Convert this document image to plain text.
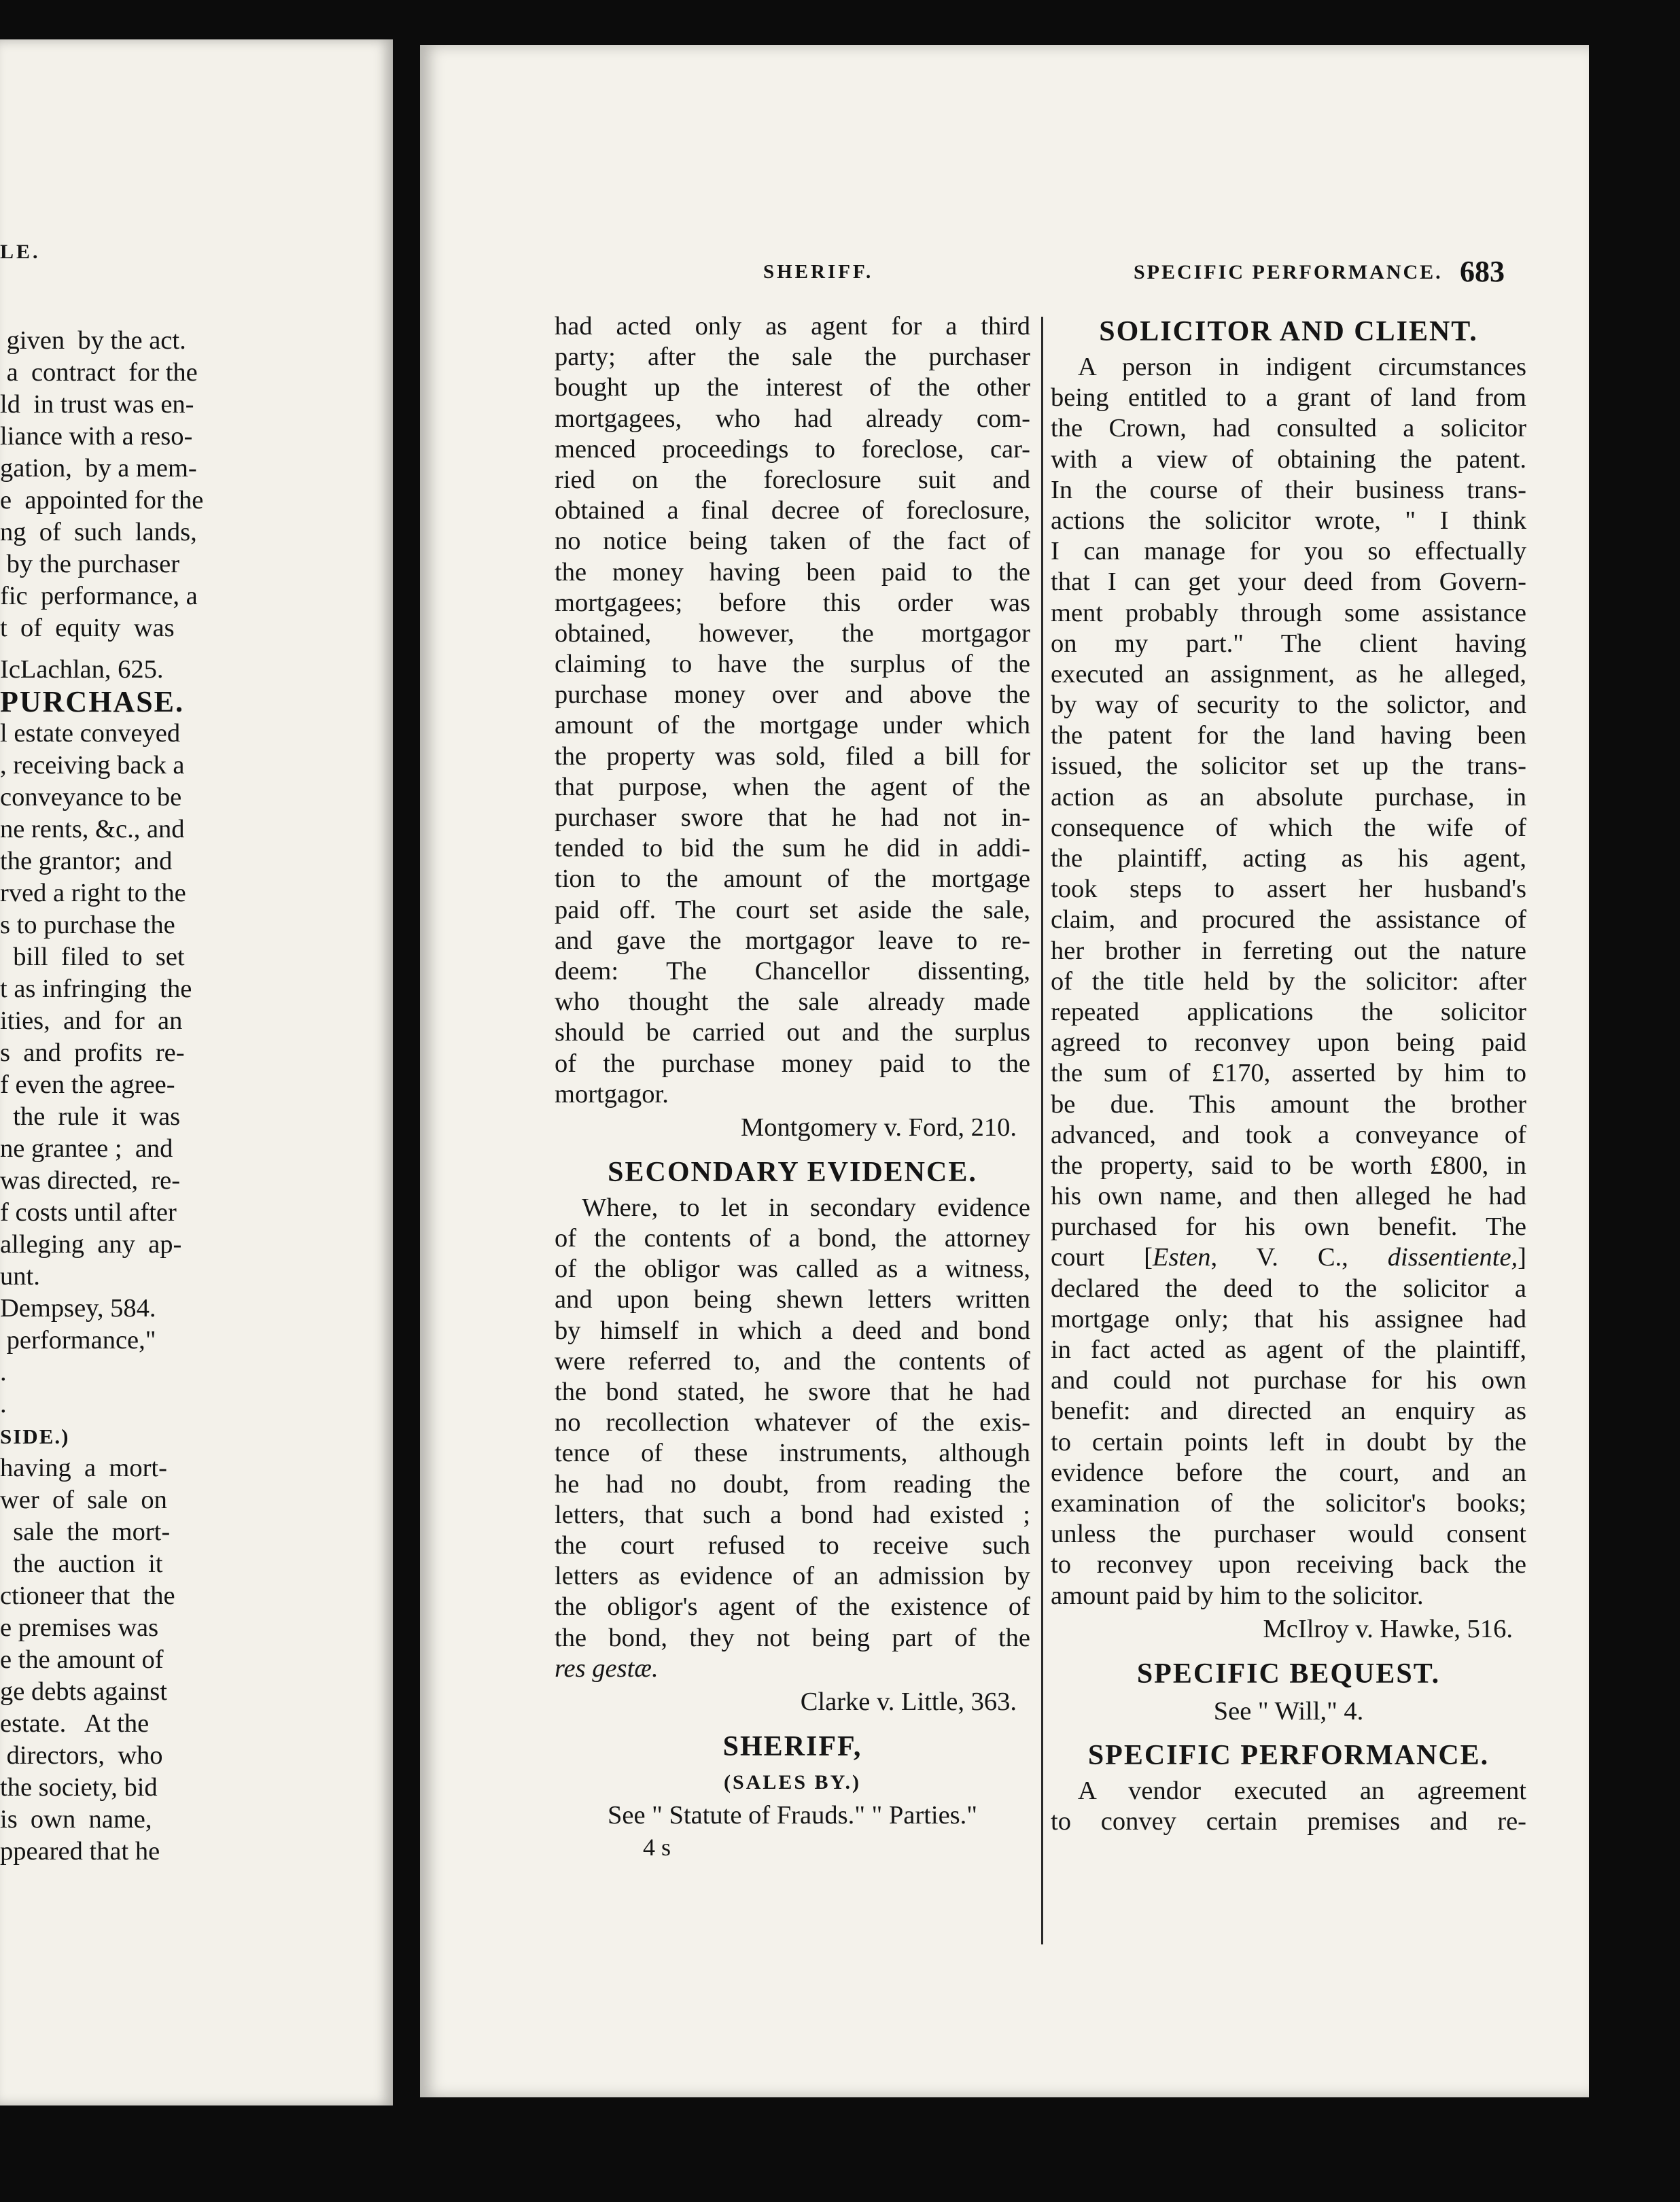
LE.
given  by the act.
a  contract  for the
ld  in trust was en-
liance with a reso-
gation,  by a mem-
e  appointed for the
ng  of  such  lands,
by the purchaser
fic  performance, a
t  of  equity  was
IcLachlan, 625.
PURCHASE.
l estate conveyed
, receiving back a
conveyance to be
ne rents, &c., and
the grantor;  and
rved a right to the
s to purchase the
bill  filed  to  set
t as infringing  the
ities,  and  for  an
s  and  profits  re-
f even the agree-
the  rule  it  was
ne grantee ;  and
was directed,  re-
f costs until after
alleging  any  ap-
unt.
Dempsey, 584.
performance,"
.
.
SIDE.)
having  a  mort-
wer  of  sale  on
sale  the  mort-
the  auction  it
ctioneer that  the
e premises was
e the amount of
ge debts against
estate.   At the
directors,  who
the society, bid
is  own  name,
ppeared that he
SHERIFF.	SPECIFIC PERFORMANCE. 683
had acted only as agent for a third
party; after the sale the purchaser
bought up the interest of the other
mortgagees, who had already com-
menced proceedings to foreclose, car-
ried on the foreclosure suit and
obtained a final decree of foreclosure,
no notice being taken of the fact of
the money having been paid to the
mortgagees; before this order was
obtained, however, the mortgagor
claiming to have the surplus of the
purchase money over and above the
amount of the mortgage under which
the property was sold, filed a bill for
that purpose, when the agent of the
purchaser swore that he had not in-
tended to bid the sum he did in addi-
tion to the amount of the mortgage
paid off. The court set aside the sale,
and gave the mortgagor leave to re-
deem: The Chancellor dissenting,
who thought the sale already made
should be carried out and the surplus
of the purchase money paid to the
mortgagor.
Montgomery v. Ford, 210.
SECONDARY EVIDENCE.
Where, to let in secondary evidence
of the contents of a bond, the attorney
of the obligor was called as a witness,
and upon being shewn letters written
by himself in which a deed and bond
were referred to, and the contents of
the bond stated, he swore that he had
no recollection whatever of the exis-
tence of these instruments, although
he had no doubt, from reading the
letters, that such a bond had existed ;
the court refused to receive such
letters as evidence of an admission by
the obligor's agent of the existence of
the bond, they not being part of the
res gestæ.
Clarke v. Little, 363.
SHERIFF,
(SALES BY.)
See " Statute of Frauds." " Parties."
4 s
SOLICITOR AND CLIENT.
A person in indigent circumstances
being entitled to a grant of land from
the Crown, had consulted a solicitor
with a view of obtaining the patent.
In the course of their business trans-
actions the solicitor wrote, " I think
I can manage for you so effectually
that I can get your deed from Govern-
ment probably through some assistance
on my part." The client having
executed an assignment, as he alleged,
by way of security to the solictor, and
the patent for the land having been
issued, the solicitor set up the trans-
action as an absolute purchase, in
consequence of which the wife of
the plaintiff, acting as his agent,
took steps to assert her husband's
claim, and procured the assistance of
her brother in ferreting out the nature
of the title held by the solicitor: after
repeated applications the solicitor
agreed to reconvey upon being paid
the sum of £170, asserted by him to
be due. This amount the brother
advanced, and took a conveyance of
the property, said to be worth £800, in
his own name, and then alleged he had
purchased for his own benefit. The
court [Esten, V. C., dissentiente,]
declared the deed to the solicitor a
mortgage only; that his assignee had
in fact acted as agent of the plaintiff,
and could not purchase for his own
benefit: and directed an enquiry as
to certain points left in doubt by the
evidence before the court, and an
examination of the solicitor's books;
unless the purchaser would consent
to reconvey upon receiving back the
amount paid by him to the solicitor.
McIlroy v. Hawke, 516.
SPECIFIC BEQUEST.
See " Will," 4.
SPECIFIC PERFORMANCE.
A vendor executed an agreement
to convey certain premises and re-
